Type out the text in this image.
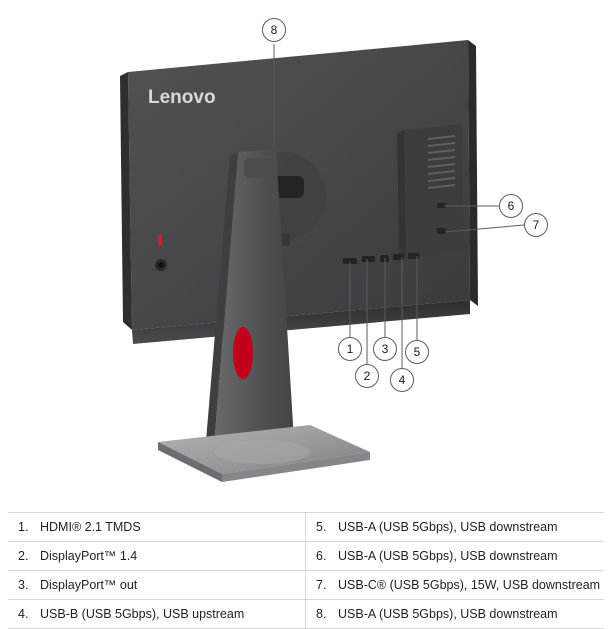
Lenovo
8
1
2
3
4
5
6
7
1. HDMI® 2.1 TMDS	5. USB-A (USB 5Gbps), USB downstream
2. DisplayPort™ 1.4	6. USB-A (USB 5Gbps), USB downstream
3. DisplayPort™ out	7. USB-C® (USB 5Gbps), 15W, USB downstream
4. USB-B (USB 5Gbps), USB upstream	8. USB-A (USB 5Gbps), USB downstream
